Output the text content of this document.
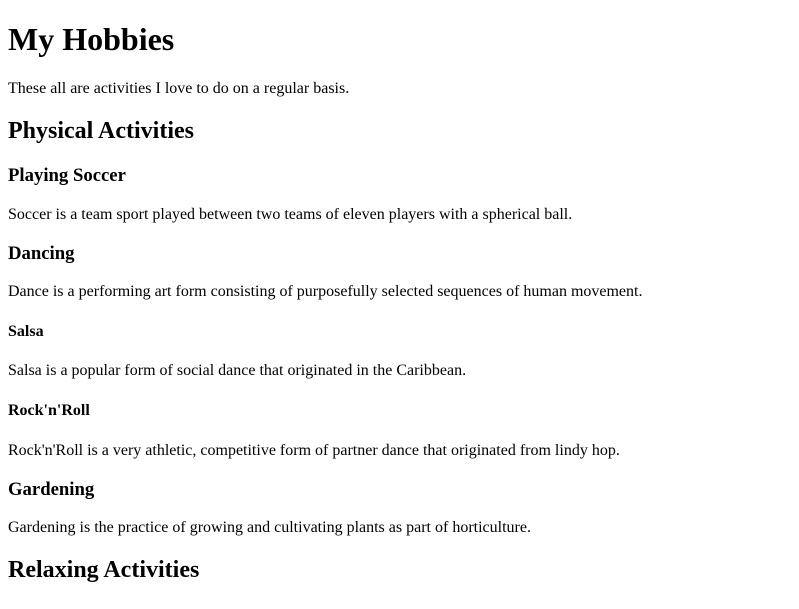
My Hobbies

These all are activities I love to do on a regular basis.

Physical Activities
Playing Soccer

Soccer is a team sport played between two teams of eleven players with a spherical ball.

Dancing

Dance is a performing art form consisting of purposefully selected sequences of human movement.

Salsa

Salsa is a popular form of social dance that originated in the Caribbean.

Rock'n'Roll

Rock'n'Roll is a very athletic, competitive form of partner dance that originated from lindy hop.

Gardening

Gardening is the practice of growing and cultivating plants as part of horticulture.

Relaxing Activities
